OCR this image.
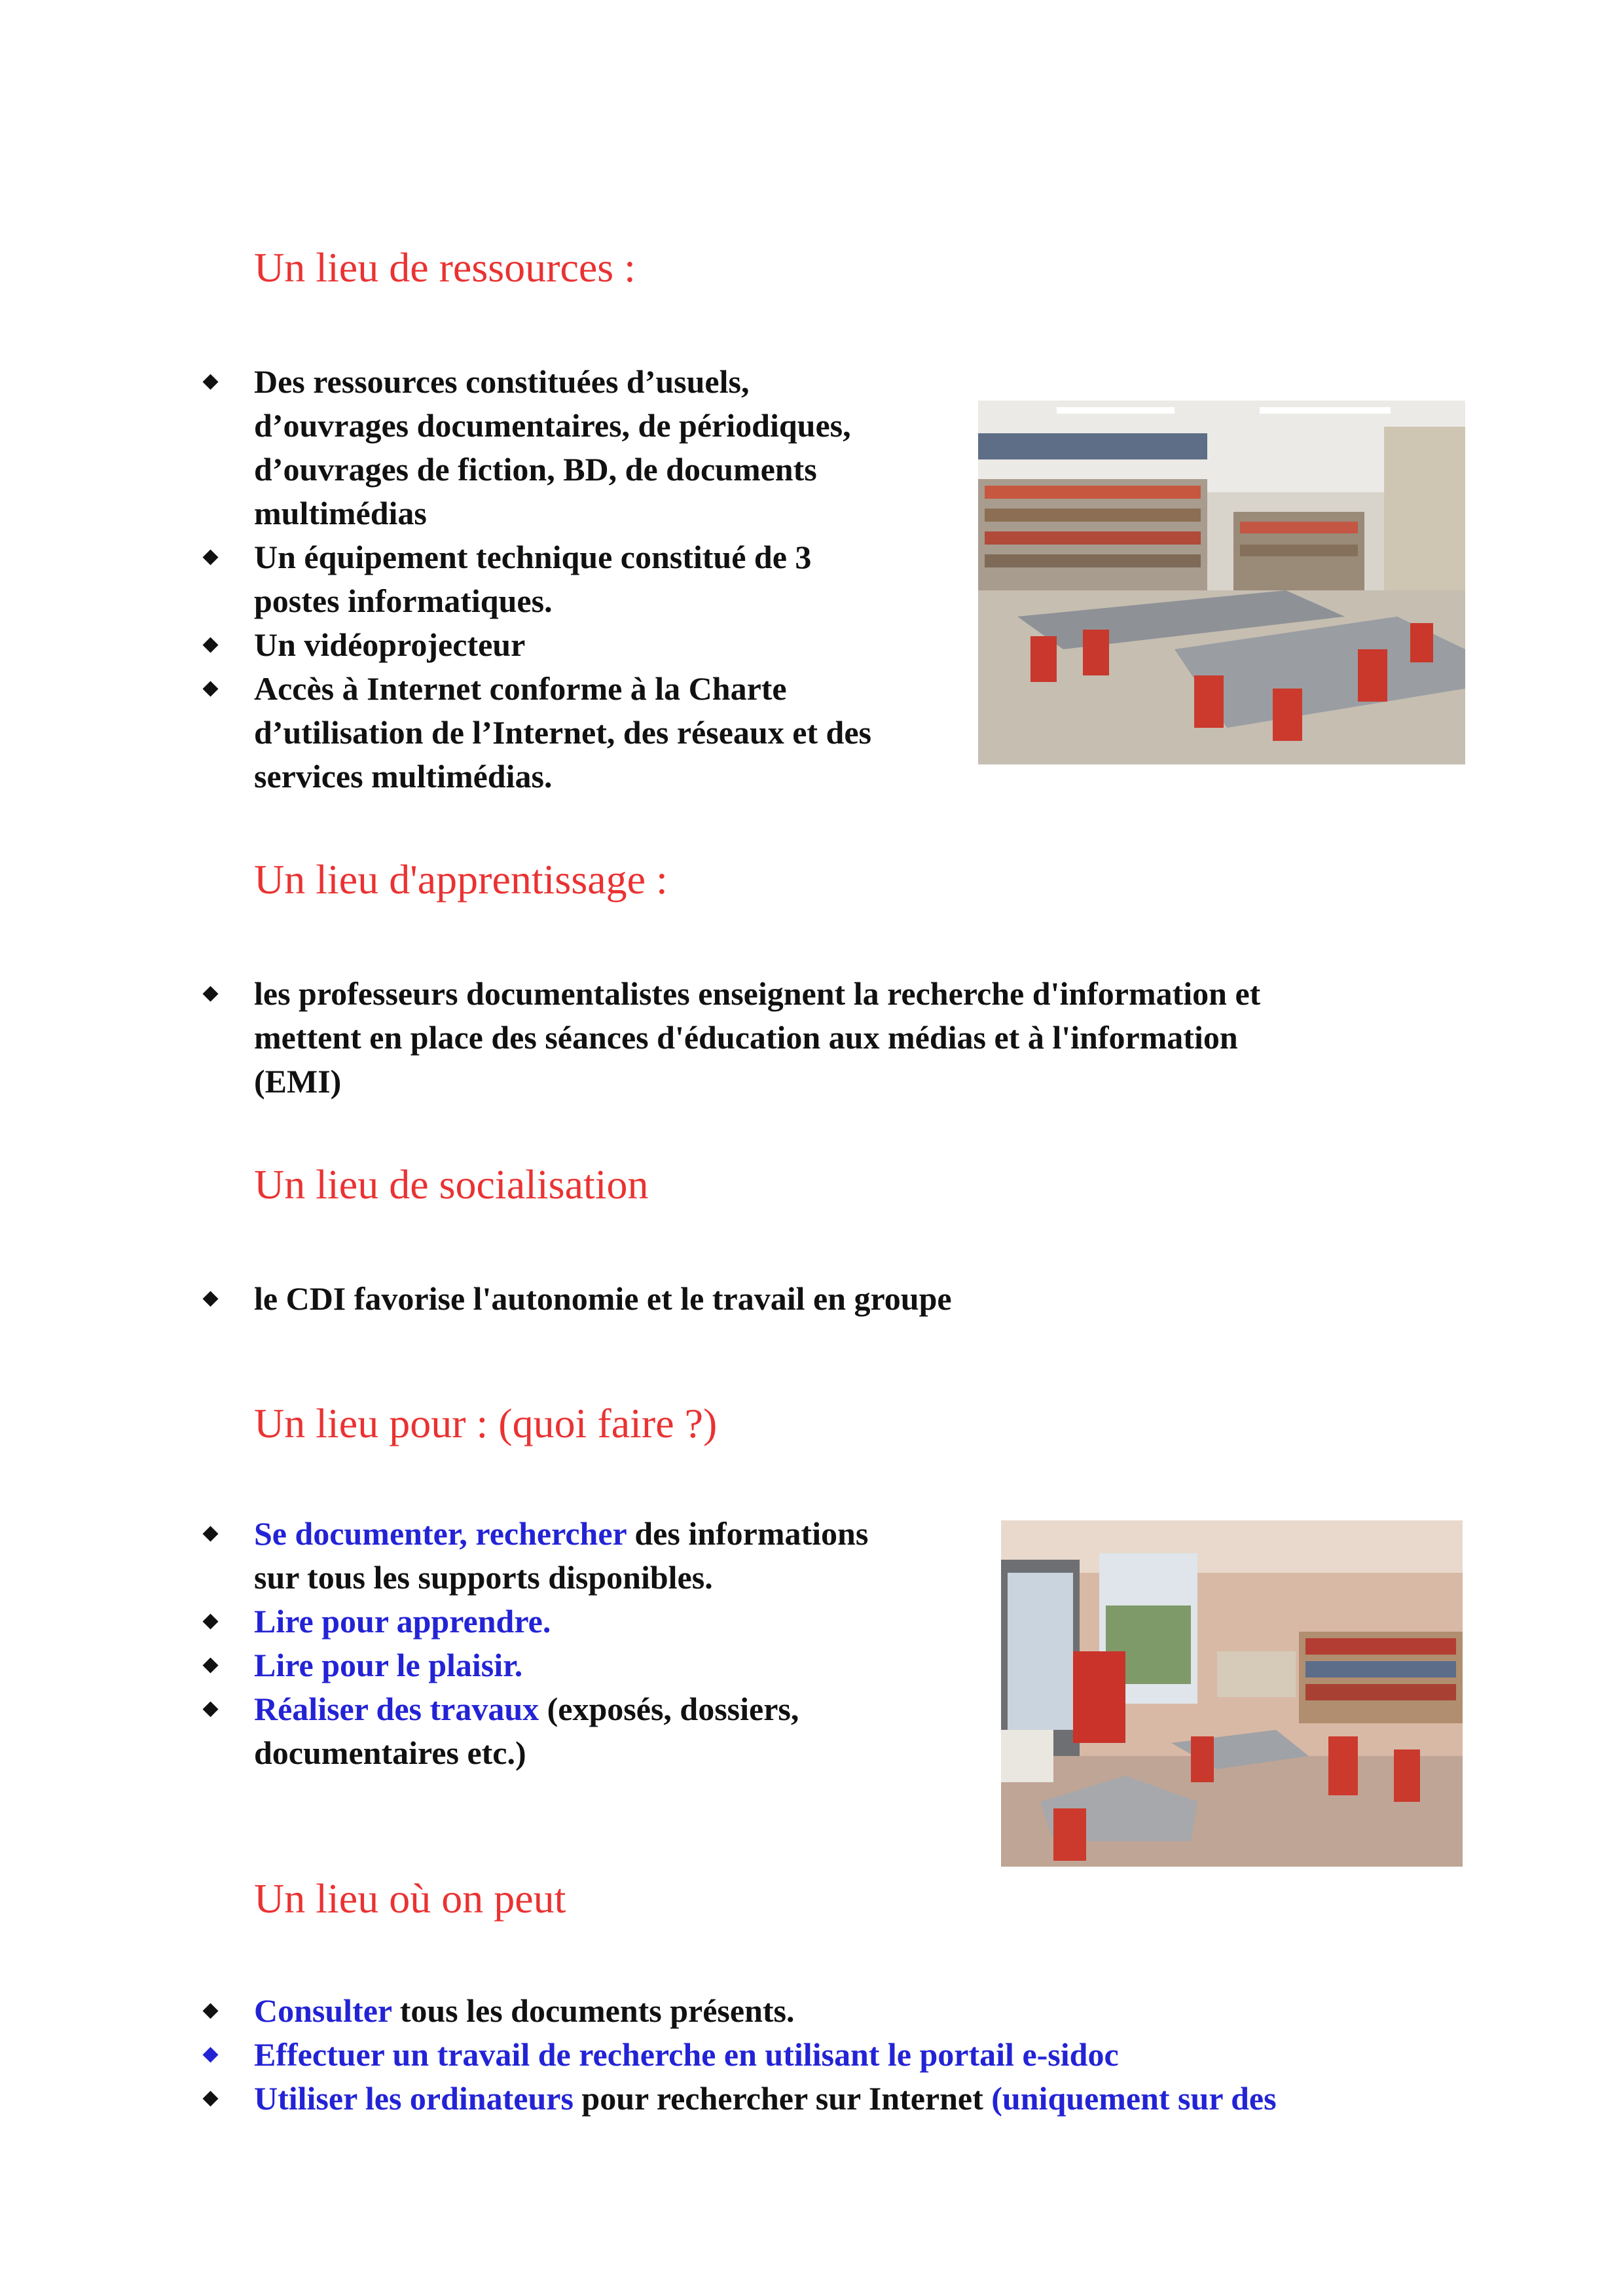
Un lieu de ressources :
Des ressources constituées d’usuels,
d’ouvrages documentaires, de périodiques,
d’ouvrages de fiction, BD, de documents
multimédias
Un équipement technique constitué de 3
postes informatiques.
Un vidéoprojecteur
Accès à Internet conforme à la Charte
d’utilisation de l’Internet, des réseaux et des
services multimédias.
Un lieu d'apprentissage :
les professeurs documentalistes enseignent la recherche d'information et
mettent en place des séances d'éducation aux médias et à l'information
(EMI)
Un lieu de socialisation
le CDI favorise l'autonomie et le travail en groupe
Un lieu pour : (quoi faire ?)
Se documenter, rechercher des informations
sur tous les supports disponibles.
Lire pour apprendre.
Lire pour le plaisir.
Réaliser des travaux (exposés, dossiers,
documentaires etc.)
Un lieu où on peut
Consulter tous les documents présents.
Effectuer un travail de recherche en utilisant le portail e-sidoc
Utiliser les ordinateurs pour rechercher sur Internet (uniquement sur des
